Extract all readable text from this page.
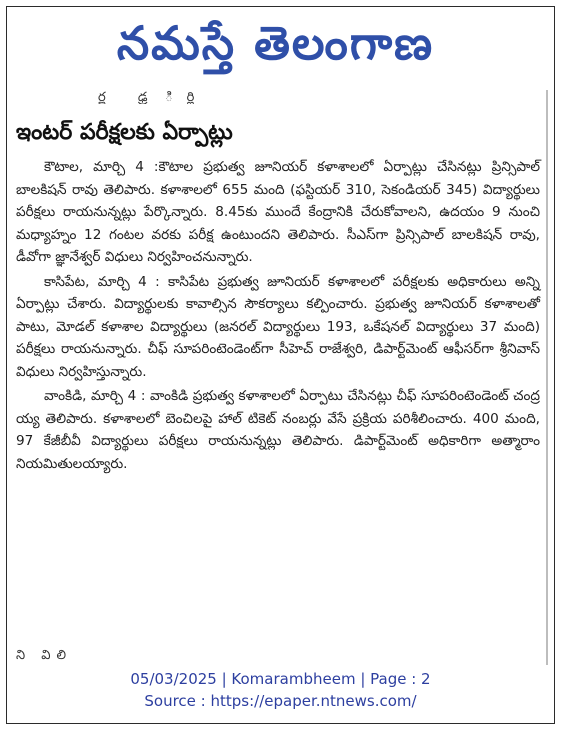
నమస్తే తెలంగాణ
ర్ణ ఢ్ర ిర్లి
ఇంటర్ పరీక్షలకు ఏర్పాట్లు

కౌటాల, మార్చి 4 :కౌటాల ప్రభుత్వ జూనియర్ కళాశాలలో ఏర్పాట్లు చేసినట్లు ప్రిన్సిపాల్ బాలకిషన్ రావు తెలిపారు. కళాశాలలో 655 మంది (ఫస్టియర్ 310, సెకండియర్ 345) విద్యార్థులు పరీక్షలు రాయనున్నట్లు పేర్కొన్నారు. 8.45కు ముందే కేంద్రానికి చేరుకోవాలని, ఉదయం 9 నుంచి మధ్యాహ్నం 12 గంటల వరకు పరీక్ష ఉంటుందని తెలిపారు. సీఎస్‌గా ప్రిన్సిపాల్ బాలకిషన్ రావు, డీవోగా జ్ఞానేశ్వర్ విధులు నిర్వహించనున్నారు.

కాసిపేట, మార్చి 4 : కాసిపేట ప్రభుత్వ జూనియర్ కళాశాలలో పరీక్షలకు అధికారులు అన్ని ఏర్పాట్లు చేశారు. విద్యార్థులకు కావాల్సిన సౌకర్యాలు కల్పించారు. ప్రభుత్వ జూనియర్ కళాశాలతో పాటు, మోడల్ కళాశాల విద్యార్థులు (జనరల్ విద్యార్థులు 193, ఒకేషనల్ విద్యార్థులు 37 మంది) పరీక్షలు రాయనున్నారు. చీఫ్ సూపరింటెండెంట్‌గా సీహెచ్ రాజేశ్వరి, డిపార్ట్‌మెంట్ ఆఫీసర్‌గా శ్రీనివాస్ విధులు నిర్వహిస్తున్నారు.

వాంకిడి, మార్చి 4 : వాంకిడి ప్రభుత్వ కళాశాలలో ఏర్పాటు చేసినట్లు చీఫ్ సూపరింటెండెంట్ చంద్ర య్య తెలిపారు. కళాశాలలో బెంచిలపై హాల్ టికెట్ నంబర్లు వేసే ప్రక్రియ పరిశీలించారు. 400 మంది, 97 కేజీబీవీ విద్యార్థులు పరీక్షలు రాయనున్నట్లు తెలిపారు. డిపార్ట్‌మెంట్ అధికారిగా అత్మారాం నియమితులయ్యారు.

ని విలి
05/03/2025 | Komarambheem | Page : 2
Source : https://epaper.ntnews.com/
